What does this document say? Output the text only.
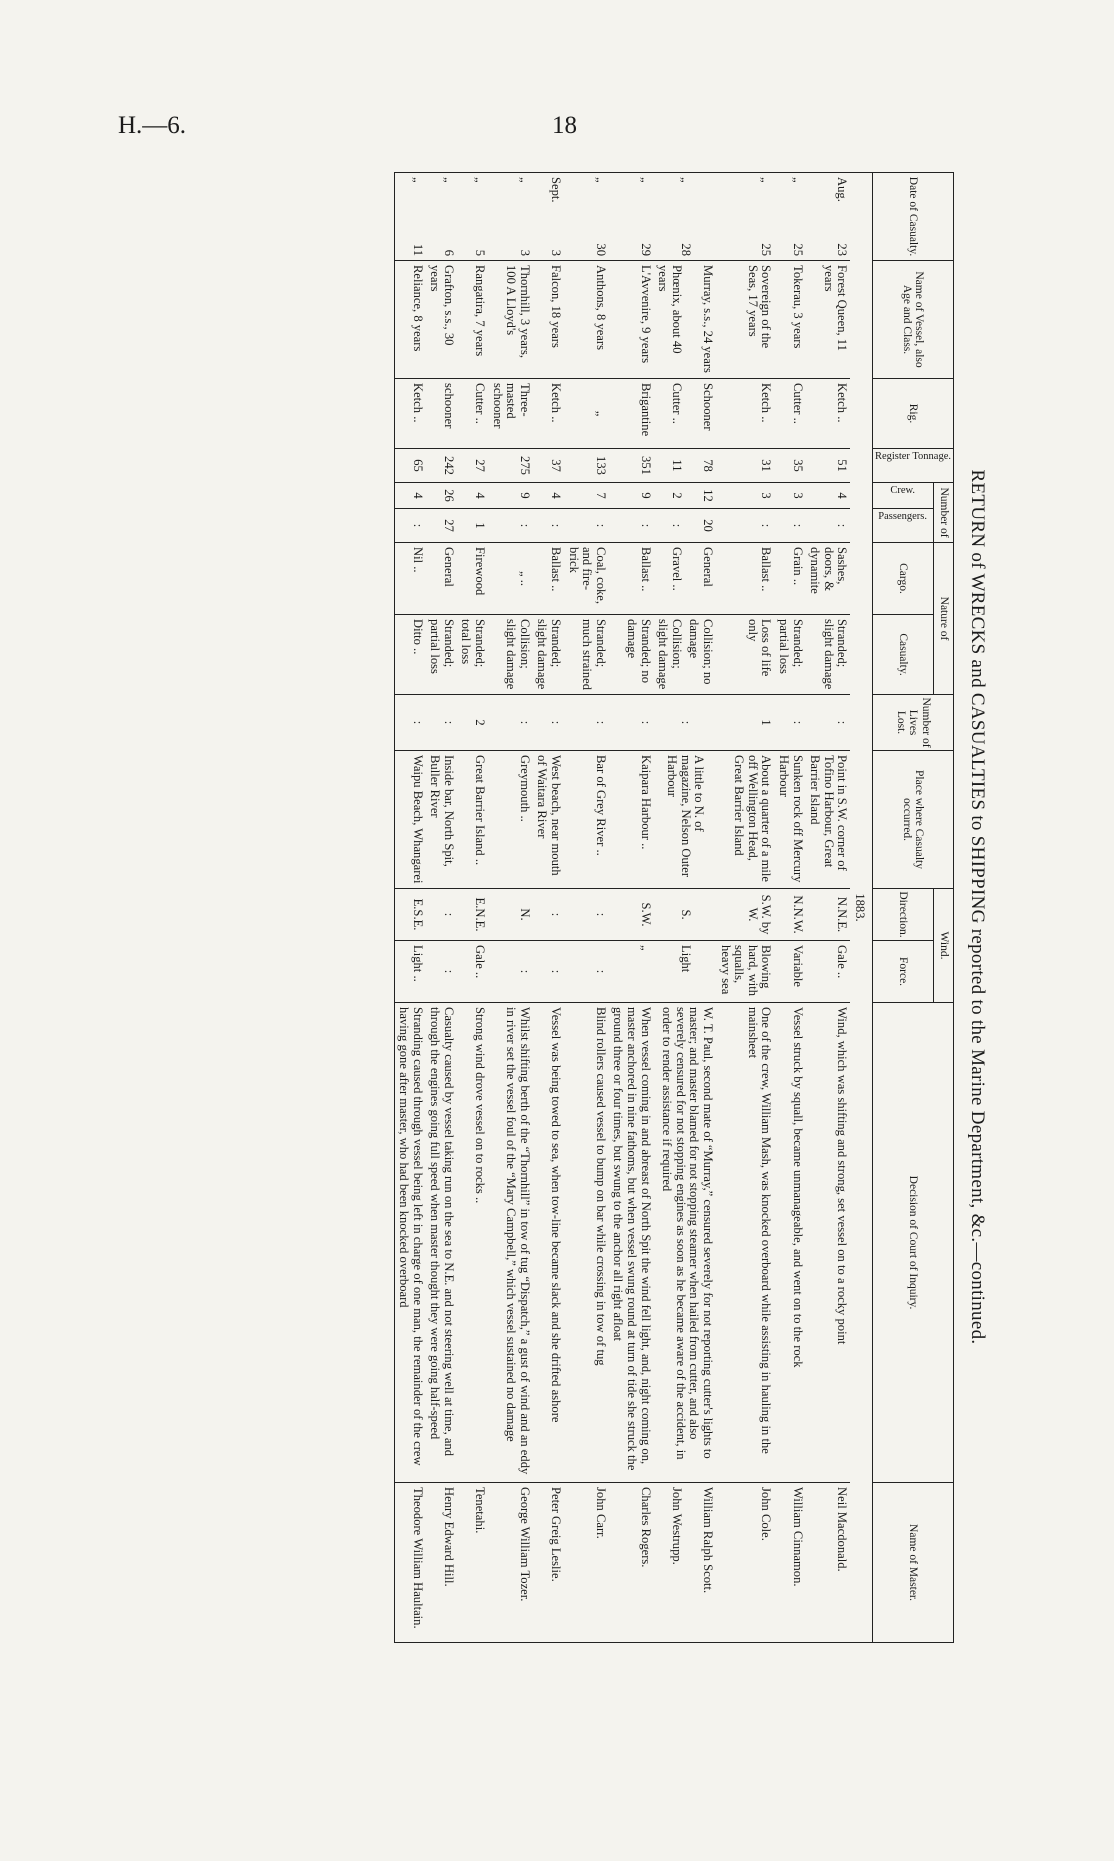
H.—6.	18
RETURN of WRECKS and CASUALTIES to SHIPPING reported to the Marine Department, &c.—continued.
Date of Casualty.	Name of Vessel, also Age and Class.	Rig.	Register Tonnage.	Number of		Nature of		Number of Lives Lost.	Place where Casualty occurred.	Wind.		Decision of Court of Inquiry.	Name of Master.

				Crew.	Passengers.	Cargo.	Casualty.			Direction.	Force.		
1883.													
Aug.
23	Forest Queen, 11 years	Ketch ..	51	4	:	Sashes, doors, & dynamite	Stranded; slight damage	:	Point in S.W. corner of Tofino Harbour, Great Barrier Island	N.N.E.	Gale ..	Wind, which was shifting and strong, set vessel on to a rocky point	Neil Macdonald.
„
25	Tokerau, 3 years	Cutter ..	35	3	:	Grain ..	Stranded; partial loss	:	Sunken rock off Mercury Harbour	N.N.W.	Variable	Vessel struck by squall, became unmanageable, and went on to the rock	William Cinnamon.
„
25	Sovereign of the Seas, 17 years	Ketch ..	31	3	:	Ballast ..	Loss of life only	1	About a quarter of a mile off Wellington Head, Great Barrier Island	S.W. by W.	Blowing hard, with squalls, heavy sea	One of the crew, William Mash, was knocked overboard while assisting in hauling in the mainsheet	John Cole.
„
28	Murray, s.s., 24 years	Schooner	78	12	20	General	Collision; no damage	:	A little to N. of magazine, Nelson Outer Harbour	S.	Light	W. T. Paul, second mate of “Murray,” censured severely for not reporting cutter's lights to master; and master blamed for not stopping steamer when hailed from cutter, and also severely censured for not stopping engines as soon as he became aware of the accident, in order to render assistance if required	William Ralph Scott.
	Phœnix, about 40 years	Cutter ..	11	2	:	Gravel ..	Collision; slight damage						John Westrupp.
„
29	L'Avvenire, 9 years	Brigantine	351	9	:	Ballast ..	Stranded; no damage	:	Kaipara Harbour ..	S.W.	„	When vessel coming in and abreast of North Spit the wind fell light, and, night coming on, master anchored in nine fathoms, but when vessel swung round at turn of tide she struck the ground three or four times, but swung to the anchor all right afloat	Charles Rogers.
„
30	Anthons, 8 years	„	133	7	:	Coal, coke, and fire-brick	Stranded; much strained	:	Bar of Grey River ..	:	:	Blind rollers caused vessel to bump on bar while crossing in tow of tug	John Carr.
Sept.
3	Falcon, 18 years	Ketch ..	37	4	:	Ballast ..	Stranded; slight damage	:	West beach, near mouth of Waitara River	:	:	Vessel was being towed to sea, when tow-line became slack and she drifted ashore	Peter Greig Leslie.
„
3	Thornhill, 3 years, 100 A Lloyd's	Three-masted schooner	275	9	:	„ ..	Collision; slight damage	:	Greymouth ..	N.	:	Whilst shifting berth of the “Thornhill” in tow of tug “Dispatch,” a gust of wind and an eddy in river set the vessel foul of the “Mary Campbell,” which vessel sustained no damage	George William Tozer.
„
5	Rangatira, 7 years	Cutter ..	27	4	1	Firewood	Stranded; total loss	2	Great Barrier Island ..	E.N.E.	Gale ..	Strong wind drove vessel on to rocks ..	Tenetahi.
„
6	Grafton, s.s., 30 years	schooner	242	26	27	General	Stranded; partial loss	:	Inside bar, North Spit, Buller River	:	:	Casualty caused by vessel taking run on the sea to N.E. and not steering well at time, and through the engines going full speed when master thought they were going half-speed	Henry Edward Hill.
„
11	Reliance, 8 years	Ketch ..	65	4	:	Nil ..	Ditto ..	:	Waipu Beach, Whangarei	E.S.E.	Light ..	Stranding caused through vessel being left in charge of one man, the remainder of the crew having gone after master, who had been knocked overboard	Theodore William Haultain.
